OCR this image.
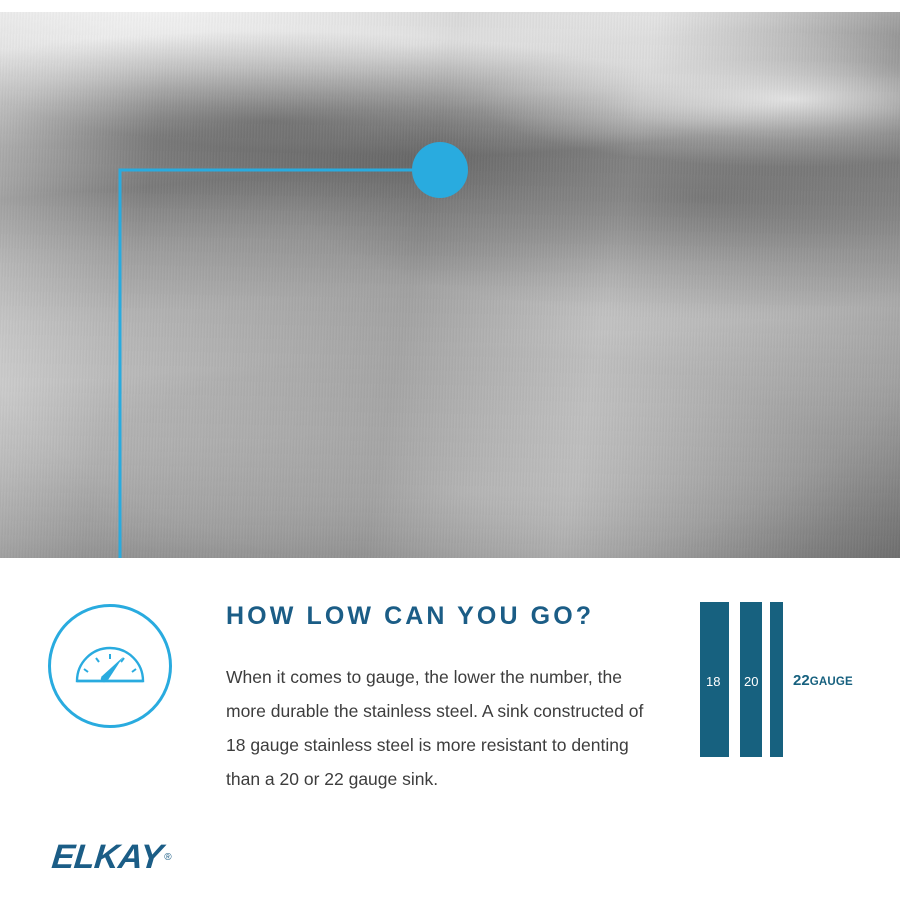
HOW LOW CAN YOU GO?
When it comes to gauge, the lower the number, the more durable the stainless steel. A sink constructed of 18 gauge stainless steel is more resistant to denting than a 20 or 22 gauge sink.
18 20 22GAUGE
ELKAY®
